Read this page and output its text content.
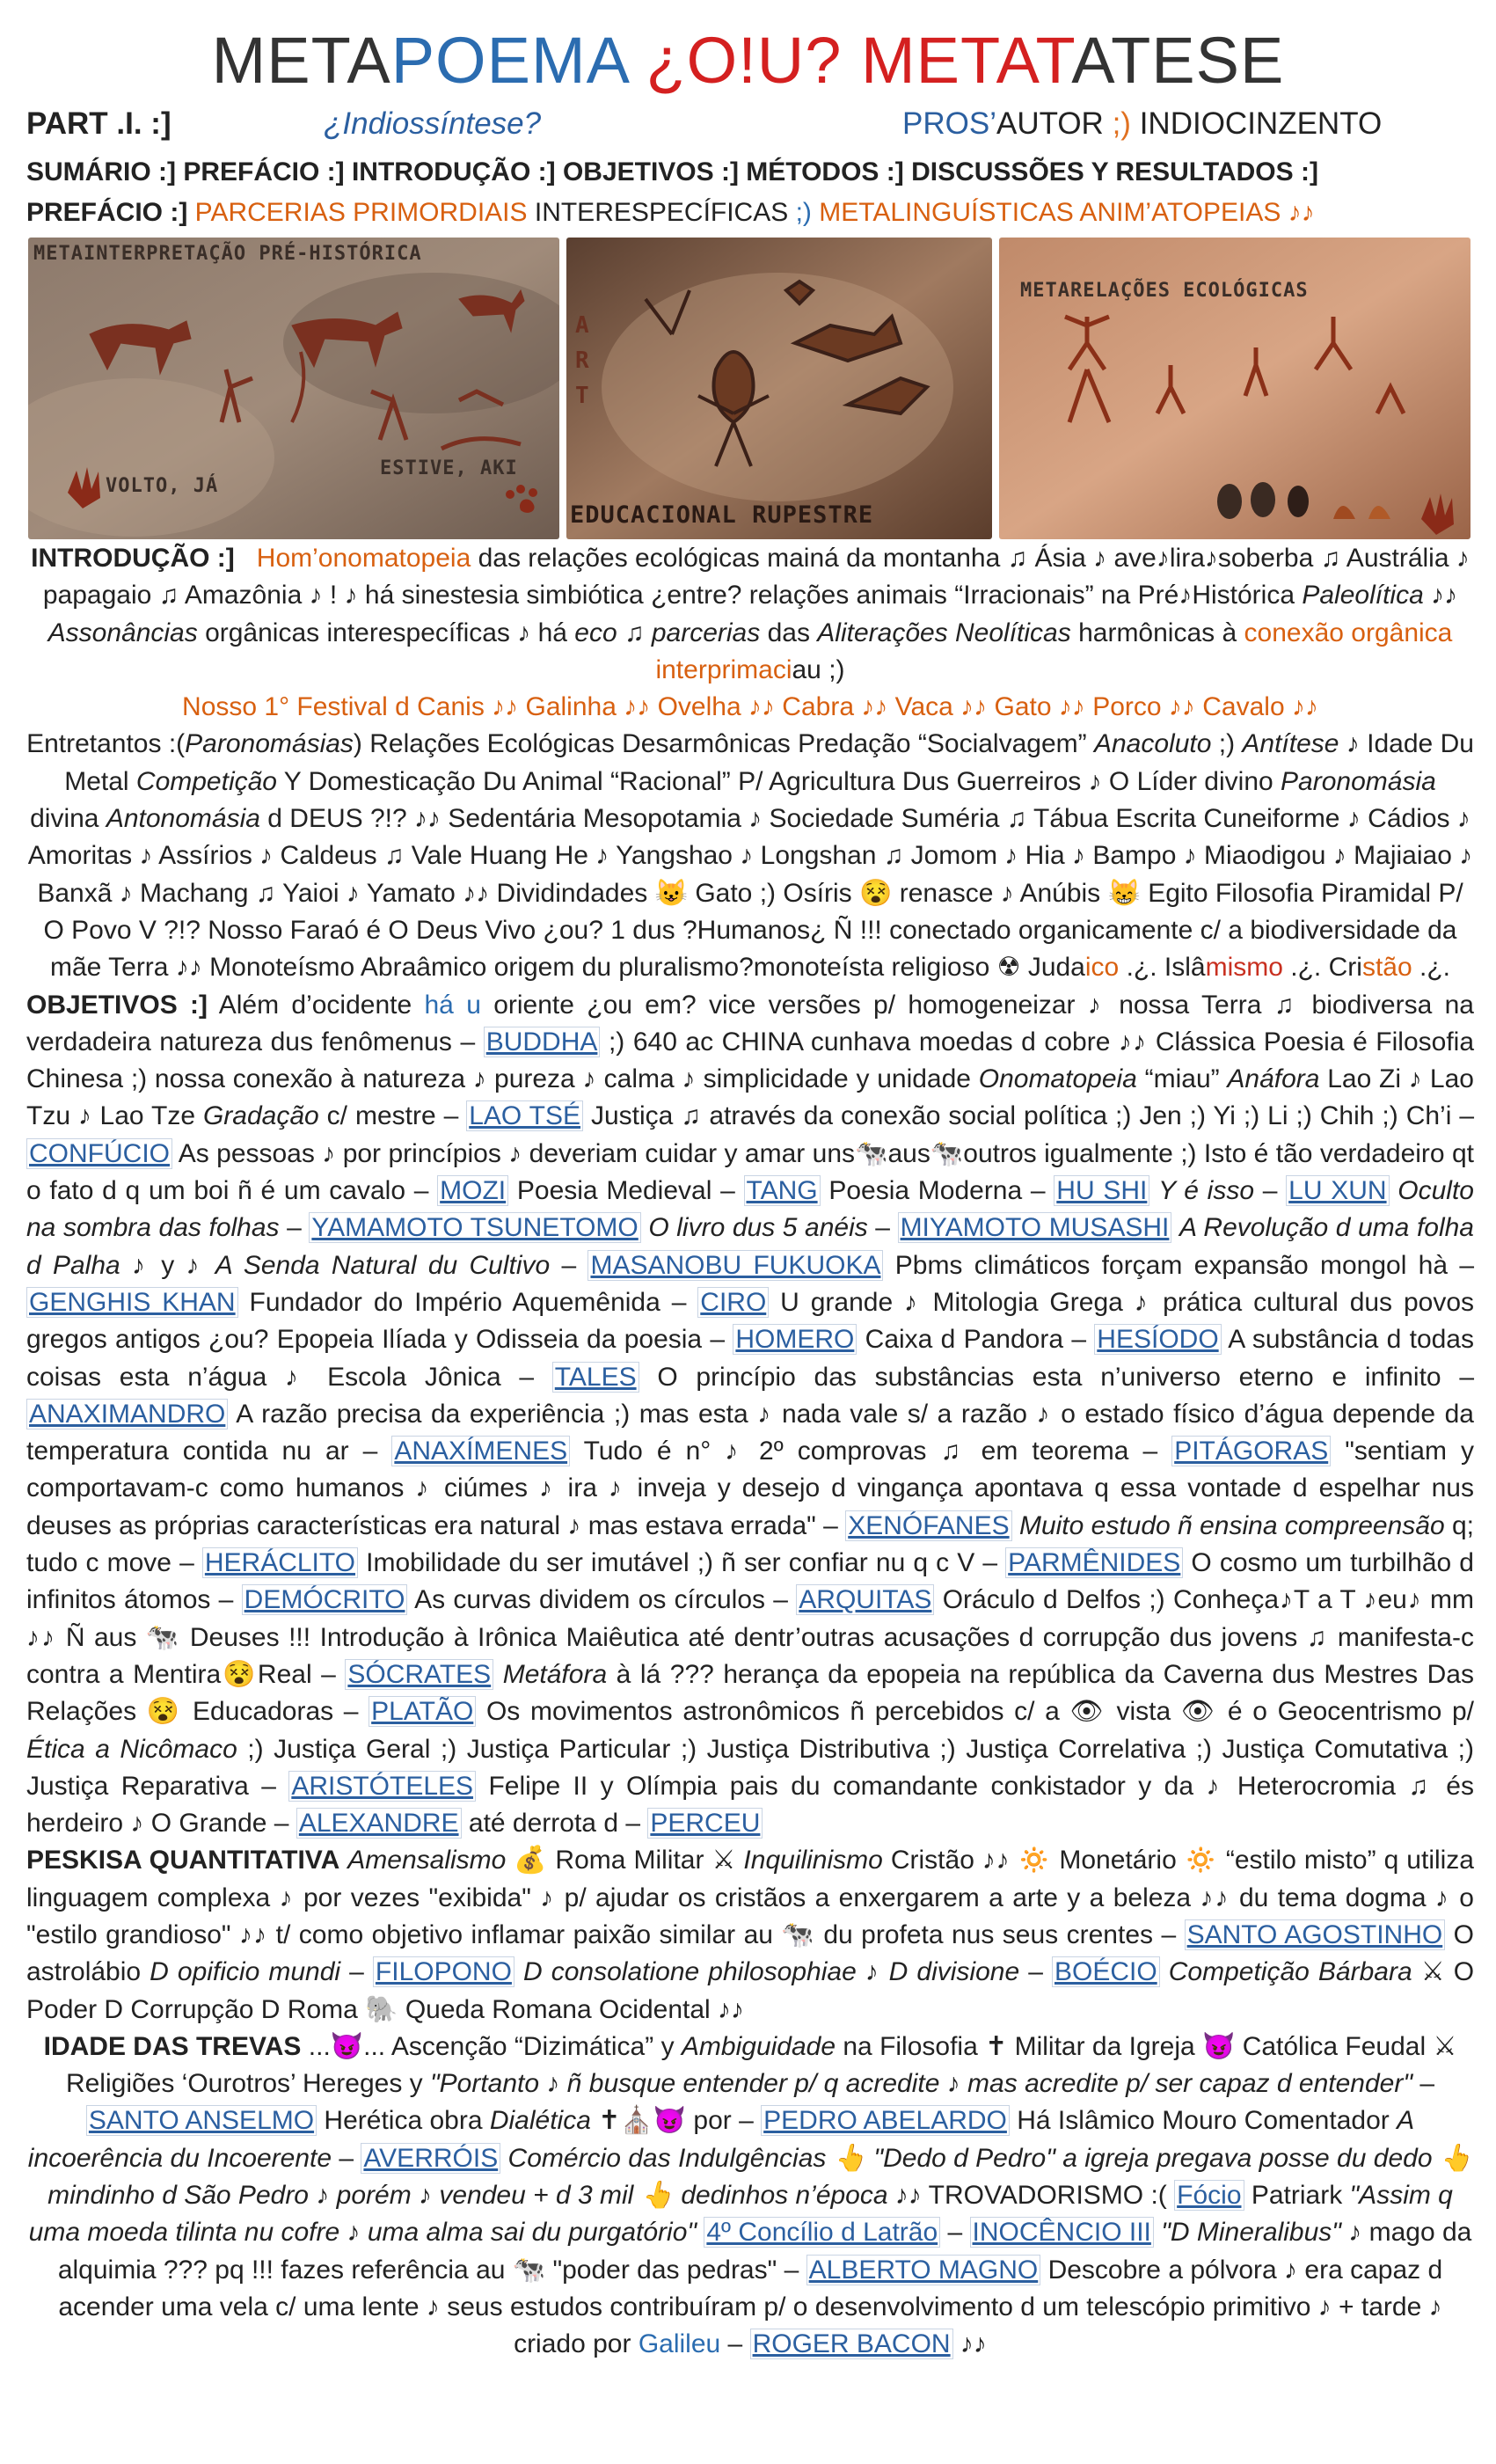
METAPOEMA ¿O!U? METATATESE
PART .I. :]	¿Indiossíntese?	PROS’AUTOR ;) INDIOCINZENTO
SUMÁRIO :] PREFÁCIO :] INTRODUÇÃO :] OBJETIVOS :] MÉTODOS :] DISCUSSÕES Y RESULTADOS :]
PREFÁCIO :] PARCERIAS PRIMORDIAIS INTERESPECÍFICAS ;) METALINGUÍSTICAS ANIM’ATOPEIAS ♪♪
METAINTERPRETAÇÃO PRÉ-HISTÓRICA
VOLTO, JÁ
ESTIVE, AKI
ART
EDUCACIONAL RUPESTRE
METARELAÇÕES ECOLÓGICAS

INTRODUÇÃO :] Hom’onomatopeia das relações ecológicas mainá da montanha ♫ Ásia ♪ ave♪lira♪soberba ♫ Austrália ♪ papagaio ♫ Amazônia ♪ ! ♪ há sinestesia simbiótica ¿entre? relações animais “Irracionais” na Pré♪Histórica Paleolítica ♪♪ Assonâncias orgânicas interespecíficas ♪ há eco ♫ parcerias das Aliterações Neolíticas harmônicas à conexão orgânica interprimaciau ;)

Nosso 1° Festival d Canis ♪♪ Galinha ♪♪ Ovelha ♪♪ Cabra ♪♪ Vaca ♪♪ Gato ♪♪ Porco ♪♪ Cavalo ♪♪

Entretantos :(Paronomásias) Relações Ecológicas Desarmônicas Predação “Socialvagem” Anacoluto ;) Antítese ♪ Idade Du Metal Competição Y Domesticação Du Animal “Racional” P/ Agricultura Dus Guerreiros ♪ O Líder divino Paronomásia divina Antonomásia d DEUS ?!? ♪♪ Sedentária Mesopotamia ♪ Sociedade Suméria ♫ Tábua Escrita Cuneiforme ♪ Cádios ♪ Amoritas ♪ Assírios ♪ Caldeus ♫ Vale Huang He ♪ Yangshao ♪ Longshan ♫ Jomom ♪ Hia ♪ Bampo ♪ Miaodigou ♪ Majiaiao ♪ Banxã ♪ Machang ♫ Yaioi ♪ Yamato ♪♪ Dividindades 😺 Gato ;) Osíris 😵 renasce ♪ Anúbis 😸 Egito Filosofia Piramidal P/ O Povo V ?!? Nosso Faraó é O Deus Vivo ¿ou? 1 dus ?Humanos¿ Ñ !!! conectado organicamente c/ a biodiversidade da mãe Terra ♪♪ Monoteísmo Abraâmico origem du pluralismo?monoteísta religioso ☢ Judaico .¿. Islâmismo .¿. Cristão .¿.

OBJETIVOS :] Além d’ocidente há u oriente ¿ou em? vice versões p/ homogeneizar ♪ nossa Terra ♫ biodiversa na verdadeira natureza dus fenômenus – BUDDHA ;) 640 ac CHINA cunhava moedas d cobre ♪♪ Clássica Poesia é Filosofia Chinesa ;) nossa conexão à natureza ♪ pureza ♪ calma ♪ simplicidade y unidade Onomatopeia “miau” Anáfora Lao Zi ♪ Lao Tzu ♪ Lao Tze Gradação c/ mestre – LAO TSÉ Justiça ♫ através da conexão social política ;) Jen ;) Yi ;) Li ;) Chih ;) Ch’i – CONFÚCIO As pessoas ♪ por princípios ♪ deveriam cuidar y amar uns🐄aus🐄outros igualmente ;) Isto é tão verdadeiro qt o fato d q um boi ñ é um cavalo – MOZI Poesia Medieval – TANG Poesia Moderna – HU SHI Y é isso – LU XUN Oculto na sombra das folhas – YAMAMOTO TSUNETOMO O livro dus 5 anéis – MIYAMOTO MUSASHI A Revolução d uma folha d Palha ♪ y ♪ A Senda Natural du Cultivo – MASANOBU FUKUOKA Pbms climáticos forçam expansão mongol hà – GENGHIS KHAN Fundador do Império Aquemênida – CIRO U grande ♪ Mitologia Grega ♪ prática cultural dus povos gregos antigos ¿ou? Epopeia Ilíada y Odisseia da poesia – HOMERO Caixa d Pandora – HESÍODO A substância d todas coisas esta n’água ♪ Escola Jônica – TALES O princípio das substâncias esta n’universo eterno e infinito – ANAXIMANDRO A razão precisa da experiência ;) mas esta ♪ nada vale s/ a razão ♪ o estado físico d’água depende da temperatura contida nu ar – ANAXÍMENES Tudo é n° ♪ 2º comprovas ♫ em teorema – PITÁGORAS "sentiam y comportavam-c como humanos ♪ ciúmes ♪ ira ♪ inveja y desejo d vingança apontava q essa vontade d espelhar nus deuses as próprias características era natural ♪ mas estava errada" – XENÓFANES Muito estudo ñ ensina compreensão q; tudo c move – HERÁCLITO Imobilidade du ser imutável ;) ñ ser confiar nu q c V – PARMÊNIDES O cosmo um turbilhão d infinitos átomos – DEMÓCRITO As curvas dividem os círculos – ARQUITAS Oráculo d Delfos ;) Conheça♪T a T ♪eu♪ mm ♪♪ Ñ aus 🐄 Deuses !!! Introdução à Irônica Maiêutica até dentr’outras acusações d corrupção dus jovens ♫ manifesta-c contra a Mentira😵Real – SÓCRATES Metáfora à lá ??? herança da epopeia na república da Caverna dus Mestres Das Relações 😵 Educadoras – PLATÃO Os movimentos astronômicos ñ percebidos c/ a 👁 vista 👁 é o Geocentrismo p/ Ética a Nicômaco ;) Justiça Geral ;) Justiça Particular ;) Justiça Distributiva ;) Justiça Correlativa ;) Justiça Comutativa ;) Justiça Reparativa – ARISTÓTELES Felipe II y Olímpia pais du comandante conkistador y da ♪ Heterocromia ♫ és herdeiro ♪ O Grande – ALEXANDRE até derrota d – PERCEU

PESKISA QUANTITATIVA Amensalismo 💰 Roma Militar ⚔ Inquilinismo Cristão ♪♪ 🔅 Monetário 🔅 “estilo misto” q utiliza linguagem complexa ♪ por vezes "exibida" ♪ p/ ajudar os cristãos a enxergarem a arte y a beleza ♪♪ du tema dogma ♪ o "estilo grandioso" ♪♪ t/ como objetivo inflamar paixão similar au 🐄 du profeta nus seus crentes – SANTO AGOSTINHO O astrolábio D opificio mundi – FILOPONO D consolatione philosophiae ♪ D divisione – BOÉCIO Competição Bárbara ⚔ O Poder D Corrupção D Roma 🐘 Queda Romana Ocidental ♪♪

IDADE DAS TREVAS ...😈... Ascenção “Dizimática” y Ambiguidade na Filosofia ✝ Militar da Igreja 😈 Católica Feudal ⚔ Religiões ‘Ourotros’ Hereges y "Portanto ♪ ñ busque entender p/ q acredite ♪ mas acredite p/ ser capaz d entender" – SANTO ANSELMO Herética obra Dialética ✝⛪😈 por – PEDRO ABELARDO Há Islâmico Mouro Comentador A incoerência du Incoerente – AVERRÓIS Comércio das Indulgências 👆 "Dedo d Pedro" a igreja pregava posse du dedo 👆 mindinho d São Pedro ♪ porém ♪ vendeu + d 3 mil 👆 dedinhos n’época ♪♪ TROVADORISMO :( Fócio Patriark "Assim q uma moeda tilinta nu cofre ♪ uma alma sai du purgatório" 4º Concílio d Latrão – INOCÊNCIO III "D Mineralibus" ♪ mago da alquimia ??? pq !!! fazes referência au 🐄 "poder das pedras" – ALBERTO MAGNO Descobre a pólvora ♪ era capaz d acender uma vela c/ uma lente ♪ seus estudos contribuíram p/ o desenvolvimento d um telescópio primitivo ♪ + tarde ♪ criado por Galileu – ROGER BACON ♪♪
